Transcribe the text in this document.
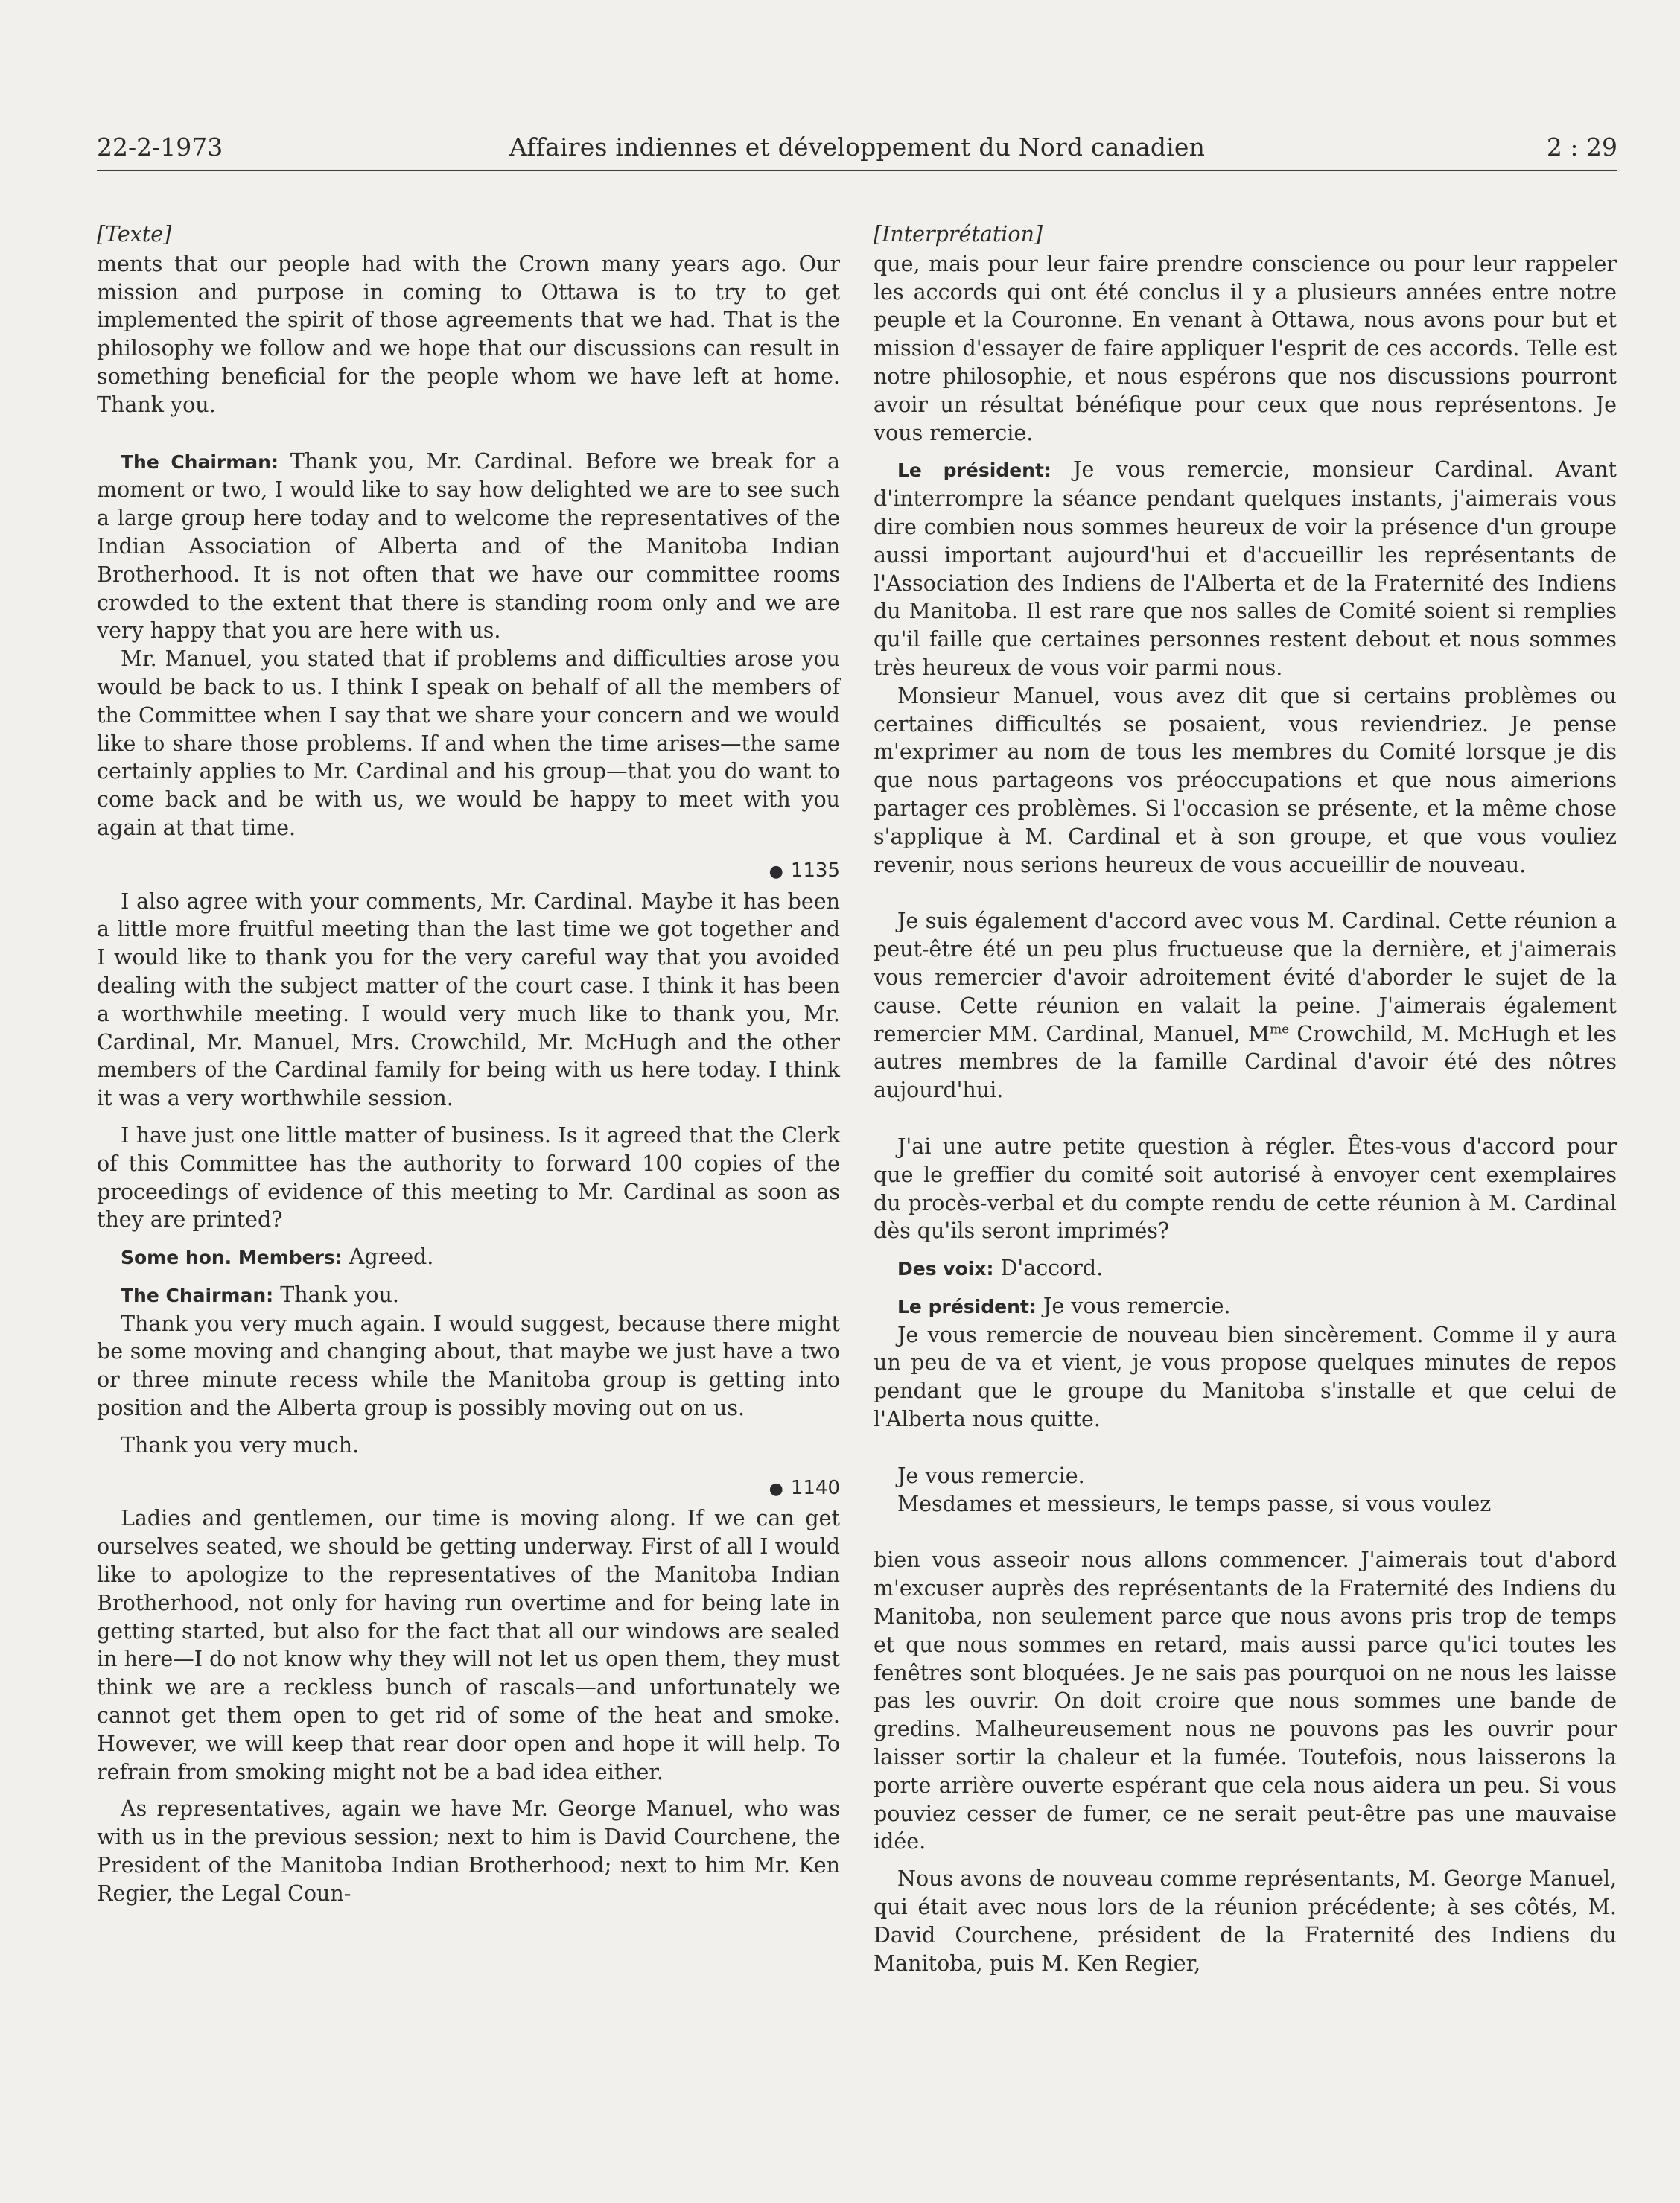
22-2-1973	Affaires indiennes et développement du Nord canadien	2 : 29
[Texte]

ments that our people had with the Crown many years ago. Our mission and purpose in coming to Ottawa is to try to get implemented the spirit of those agreements that we had. That is the philosophy we follow and we hope that our discussions can result in something beneficial for the people whom we have left at home. Thank you.

The Chairman: Thank you, Mr. Cardinal. Before we break for a moment or two, I would like to say how delighted we are to see such a large group here today and to welcome the representatives of the Indian Association of Alberta and of the Manitoba Indian Brotherhood. It is not often that we have our committee rooms crowded to the extent that there is standing room only and we are very happy that you are here with us.

Mr. Manuel, you stated that if problems and difficulties arose you would be back to us. I think I speak on behalf of all the members of the Committee when I say that we share your concern and we would like to share those problems. If and when the time arises—the same certainly applies to Mr. Cardinal and his group—that you do want to come back and be with us, we would be happy to meet with you again at that time.

● 1135

I also agree with your comments, Mr. Cardinal. Maybe it has been a little more fruitful meeting than the last time we got together and I would like to thank you for the very careful way that you avoided dealing with the subject matter of the court case. I think it has been a worthwhile meeting. I would very much like to thank you, Mr. Cardinal, Mr. Manuel, Mrs. Crowchild, Mr. McHugh and the other members of the Cardinal family for being with us here today. I think it was a very worthwhile session.

I have just one little matter of business. Is it agreed that the Clerk of this Committee has the authority to forward 100 copies of the proceedings of evidence of this meeting to Mr. Cardinal as soon as they are printed?

Some hon. Members: Agreed.

The Chairman: Thank you.

Thank you very much again. I would suggest, because there might be some moving and changing about, that maybe we just have a two or three minute recess while the Manitoba group is getting into position and the Alberta group is possibly moving out on us.

Thank you very much.

● 1140

Ladies and gentlemen, our time is moving along. If we can get ourselves seated, we should be getting underway. First of all I would like to apologize to the representatives of the Manitoba Indian Brotherhood, not only for having run overtime and for being late in getting started, but also for the fact that all our windows are sealed in here—I do not know why they will not let us open them, they must think we are a reckless bunch of rascals—and unfortunately we cannot get them open to get rid of some of the heat and smoke. However, we will keep that rear door open and hope it will help. To refrain from smoking might not be a bad idea either.

As representatives, again we have Mr. George Manuel, who was with us in the previous session; next to him is David Courchene, the President of the Manitoba Indian Brotherhood; next to him Mr. Ken Regier, the Legal Coun-

[Interprétation]

que, mais pour leur faire prendre conscience ou pour leur rappeler les accords qui ont été conclus il y a plusieurs années entre notre peuple et la Couronne. En venant à Ottawa, nous avons pour but et mission d'essayer de faire appliquer l'esprit de ces accords. Telle est notre philosophie, et nous espérons que nos discussions pourront avoir un résultat bénéfique pour ceux que nous représentons. Je vous remercie.

Le président: Je vous remercie, monsieur Cardinal. Avant d'interrompre la séance pendant quelques instants, j'aimerais vous dire combien nous sommes heureux de voir la présence d'un groupe aussi important aujourd'hui et d'accueillir les représentants de l'Association des Indiens de l'Alberta et de la Fraternité des Indiens du Manitoba. Il est rare que nos salles de Comité soient si remplies qu'il faille que certaines personnes restent debout et nous sommes très heureux de vous voir parmi nous.

Monsieur Manuel, vous avez dit que si certains problèmes ou certaines difficultés se posaient, vous reviendriez. Je pense m'exprimer au nom de tous les membres du Comité lorsque je dis que nous partageons vos préoccupations et que nous aimerions partager ces problèmes. Si l'occasion se présente, et la même chose s'applique à M. Cardinal et à son groupe, et que vous vouliez revenir, nous serions heureux de vous accueillir de nouveau.

Je suis également d'accord avec vous M. Cardinal. Cette réunion a peut-être été un peu plus fructueuse que la dernière, et j'aimerais vous remercier d'avoir adroitement évité d'aborder le sujet de la cause. Cette réunion en valait la peine. J'aimerais également remercier MM. Cardinal, Manuel, $M^{me}$ Crowchild, M. McHugh et les autres membres de la famille Cardinal d'avoir été des nôtres aujourd'hui.

J'ai une autre petite question à régler. Êtes-vous d'accord pour que le greffier du comité soit autorisé à envoyer cent exemplaires du procès-verbal et du compte rendu de cette réunion à M. Cardinal dès qu'ils seront imprimés?

Des voix: D'accord.

Le président: Je vous remercie.

Je vous remercie de nouveau bien sincèrement. Comme il y aura un peu de va et vient, je vous propose quelques minutes de repos pendant que le groupe du Manitoba s'installe et que celui de l'Alberta nous quitte.

Je vous remercie.

Mesdames et messieurs, le temps passe, si vous voulez

bien vous asseoir nous allons commencer. J'aimerais tout d'abord m'excuser auprès des représentants de la Fraternité des Indiens du Manitoba, non seulement parce que nous avons pris trop de temps et que nous sommes en retard, mais aussi parce qu'ici toutes les fenêtres sont bloquées. Je ne sais pas pourquoi on ne nous les laisse pas les ouvrir. On doit croire que nous sommes une bande de gredins. Malheureusement nous ne pouvons pas les ouvrir pour laisser sortir la chaleur et la fumée. Toutefois, nous laisserons la porte arrière ouverte espérant que cela nous aidera un peu. Si vous pouviez cesser de fumer, ce ne serait peut-être pas une mauvaise idée.

Nous avons de nouveau comme représentants, M. George Manuel, qui était avec nous lors de la réunion précédente; à ses côtés, M. David Courchene, président de la Fraternité des Indiens du Manitoba, puis M. Ken Regier,
